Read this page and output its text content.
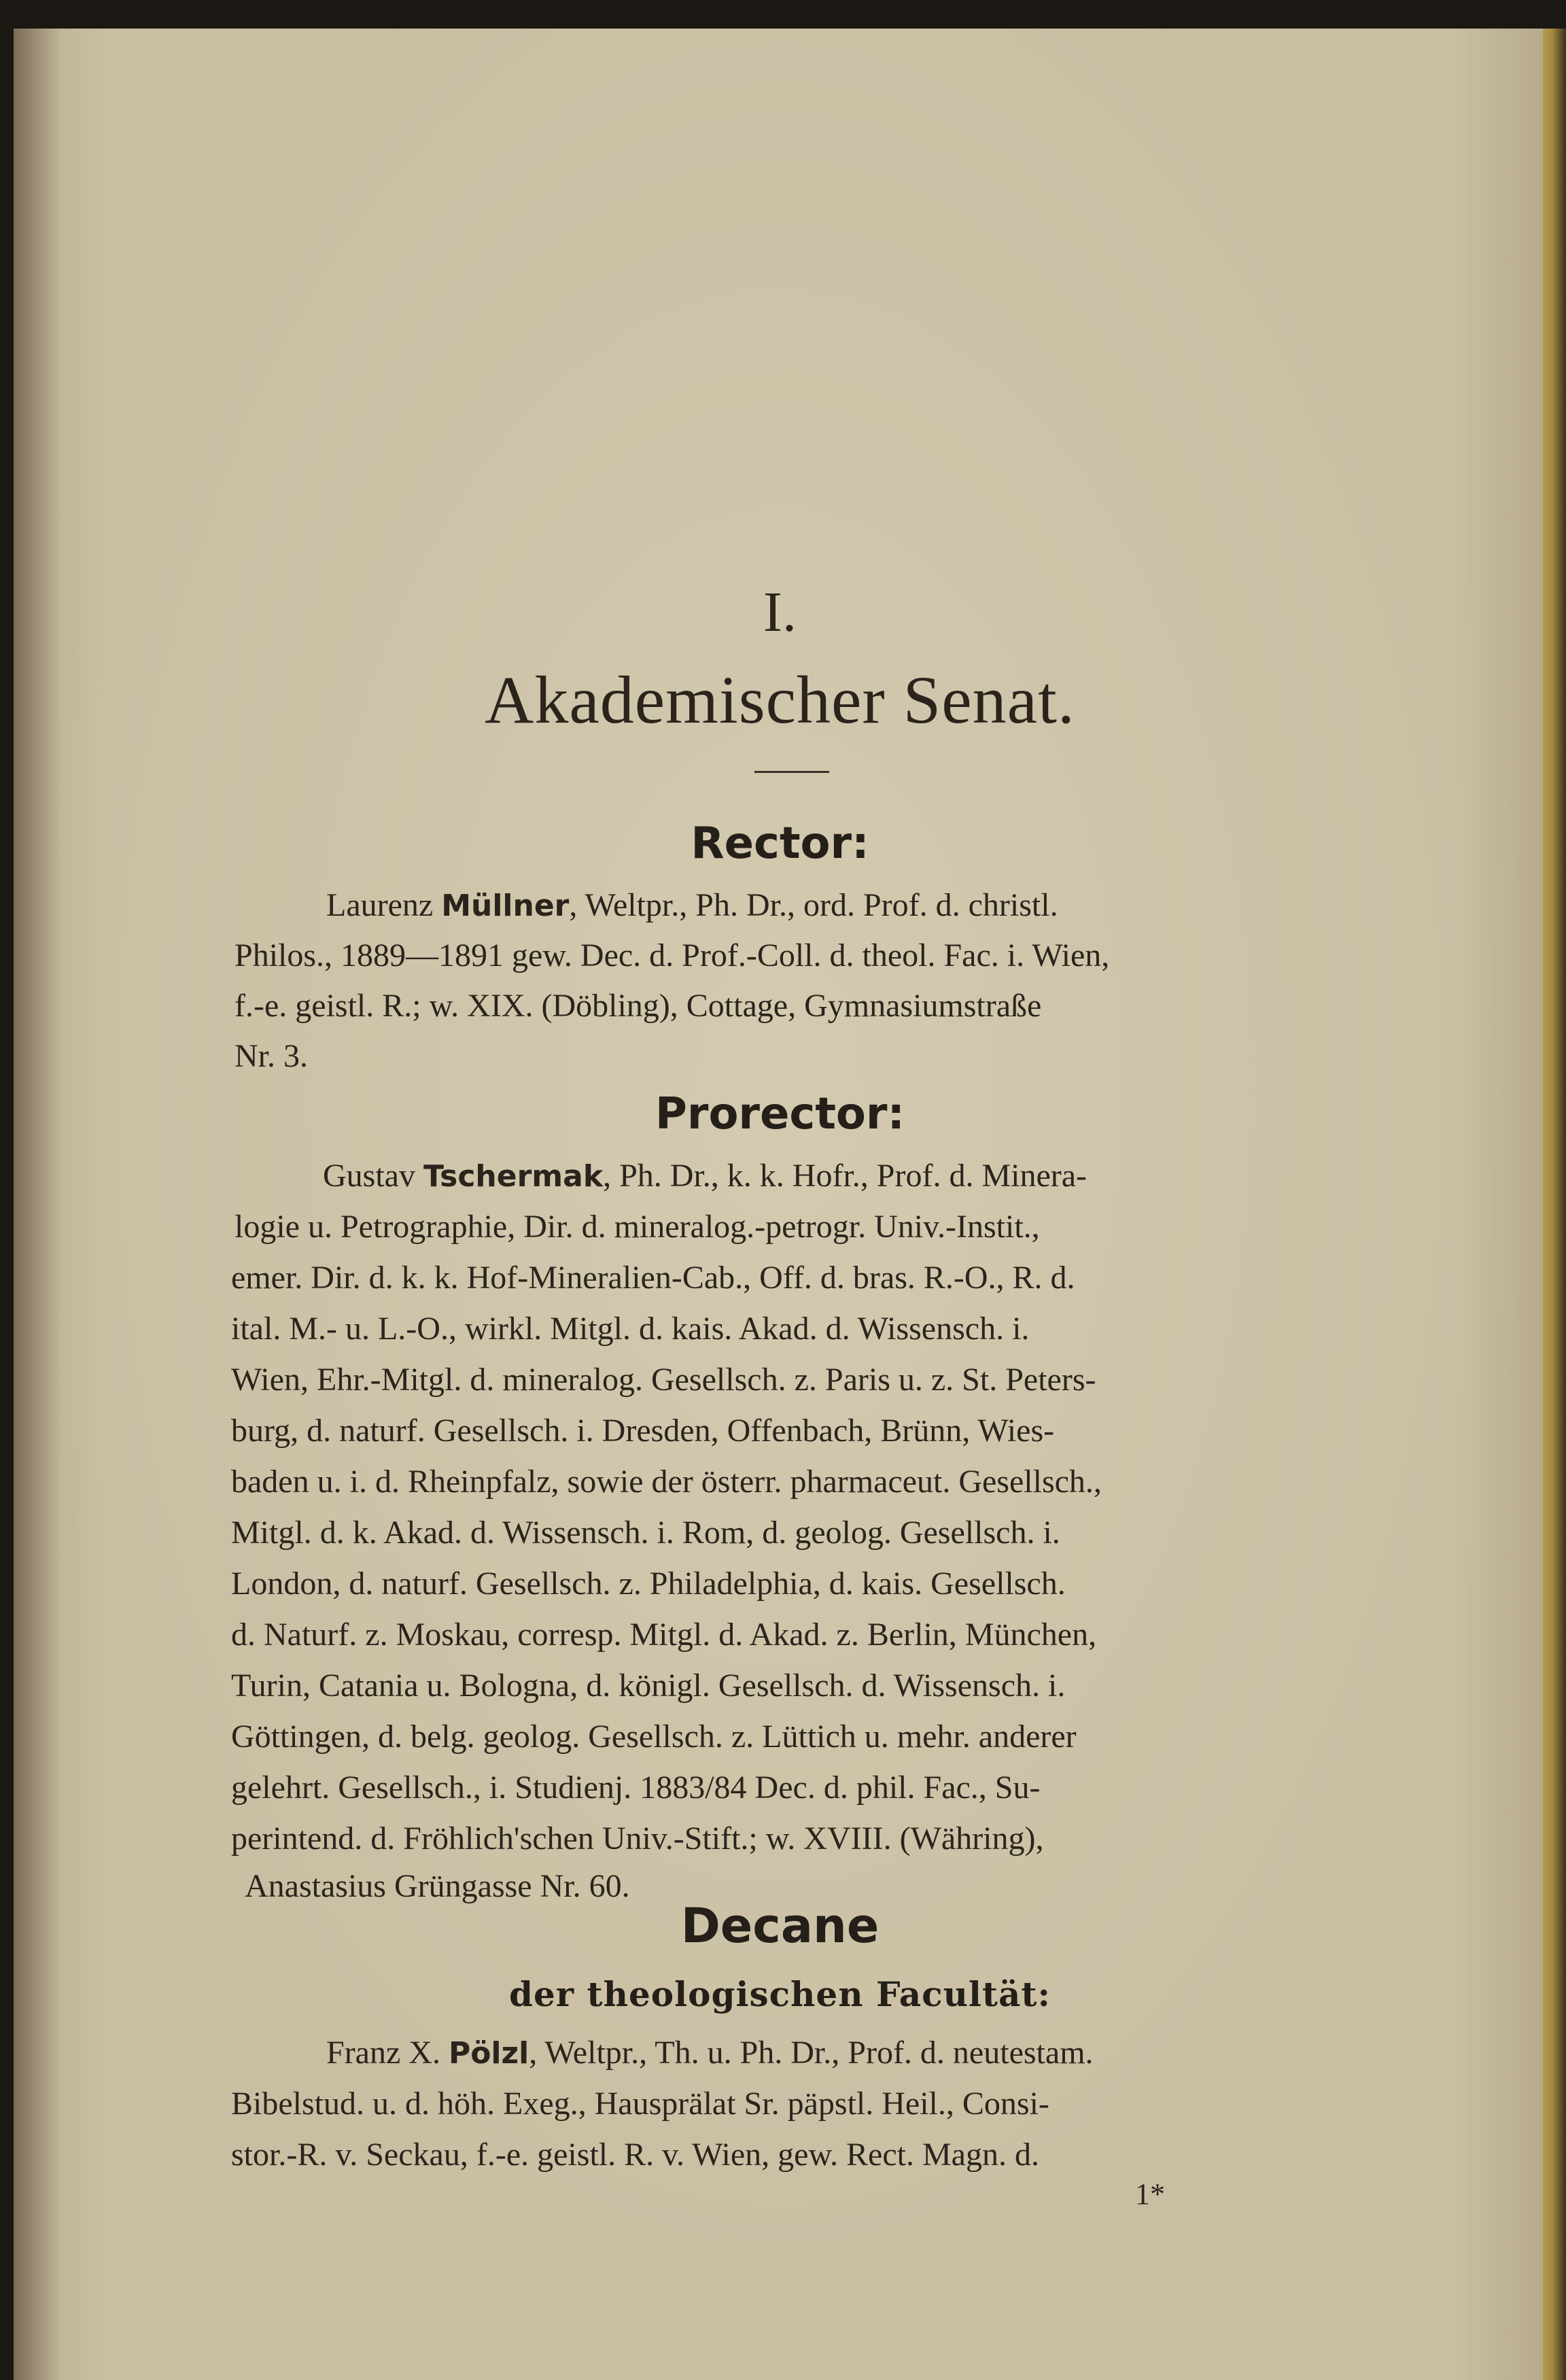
I.

Akademischer Senat.

Rector:

Laurenz Müllner, Weltpr., Ph. Dr., ord. Prof. d. christl.

Philos., 1889—1891 gew. Dec. d. Prof.-Coll. d. theol. Fac. i. Wien,

f.-e. geistl. R.; w. XIX. (Döbling), Cottage, Gymnasiumstraße

Nr. 3.

Prorector:

Gustav Tschermak, Ph. Dr., k. k. Hofr., Prof. d. Minera-

logie u. Petrographie, Dir. d. mineralog.-petrogr. Univ.-Instit.,

emer. Dir. d. k. k. Hof-Mineralien-Cab., Off. d. bras. R.-O., R. d.

ital. M.- u. L.-O., wirkl. Mitgl. d. kais. Akad. d. Wissensch. i.

Wien, Ehr.-Mitgl. d. mineralog. Gesellsch. z. Paris u. z. St. Peters-

burg, d. naturf. Gesellsch. i. Dresden, Offenbach, Brünn, Wies-

baden u. i. d. Rheinpfalz, sowie der österr. pharmaceut. Gesellsch.,

Mitgl. d. k. Akad. d. Wissensch. i. Rom, d. geolog. Gesellsch. i.

London, d. naturf. Gesellsch. z. Philadelphia, d. kais. Gesellsch.

d. Naturf. z. Moskau, corresp. Mitgl. d. Akad. z. Berlin, München,

Turin, Catania u. Bologna, d. königl. Gesellsch. d. Wissensch. i.

Göttingen, d. belg. geolog. Gesellsch. z. Lüttich u. mehr. anderer

gelehrt. Gesellsch., i. Studienj. 1883/84 Dec. d. phil. Fac., Su-

perintend. d. Fröhlich'schen Univ.-Stift.; w. XVIII. (Währing),

Decane

der theologischen Facultät:

Franz X. Pölzl, Weltpr., Th. u. Ph. Dr., Prof. d. neutestam.

Bibelstud. u. d. höh. Exeg., Hausprälat Sr. päpstl. Heil., Consi-

stor.-R. v. Seckau, f.-e. geistl. R. v. Wien, gew. Rect. Magn. d.

1*

Anastasius Grüngasse Nr. 60.
